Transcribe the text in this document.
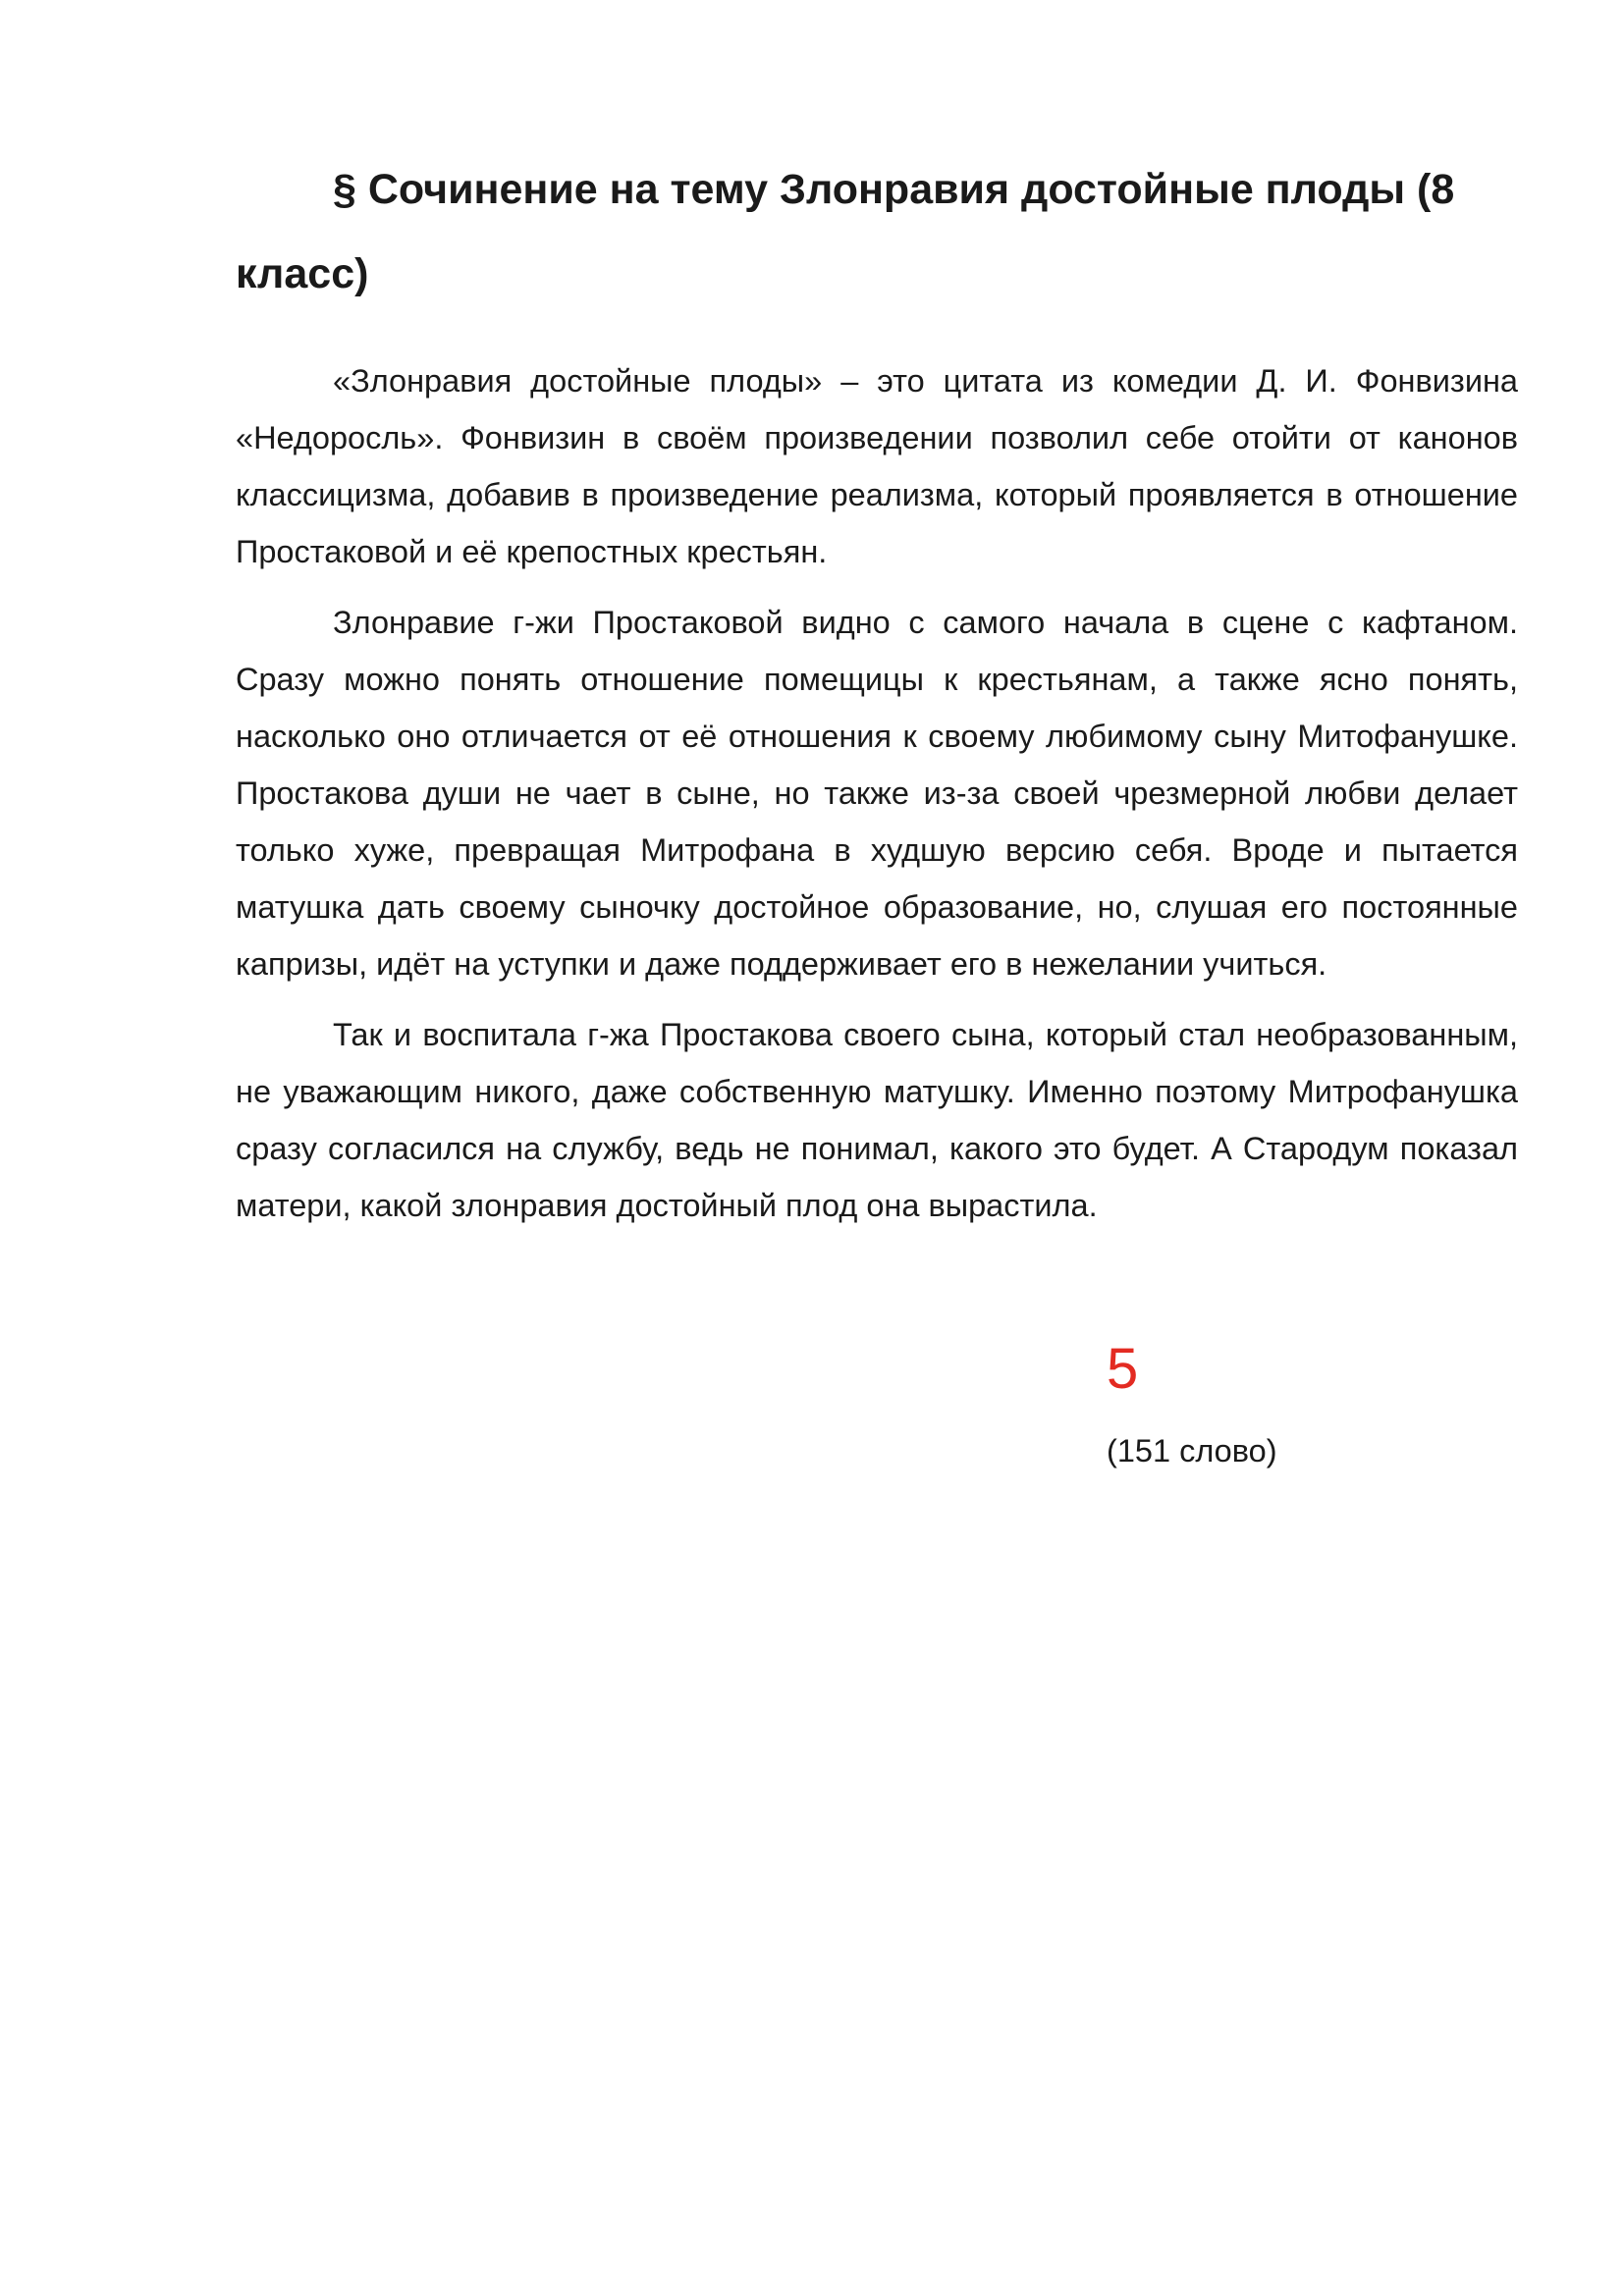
§ Сочинение на тему Злонравия достойные плоды (8 класс)

«Злонравия достойные плоды» – это цитата из комедии Д. И. Фонвизина «Недоросль». Фонвизин в своём произведении позволил себе отойти от канонов классицизма, добавив в произведение реализма, который проявляется в отношение Простаковой и её крепостных крестьян.

Злонравие г-жи Простаковой видно с самого начала в сцене с кафтаном. Сразу можно понять отношение помещицы к крестьянам, а также ясно понять, насколько оно отличается от её отношения к своему любимому сыну Митофанушке. Простакова души не чает в сыне, но также из-за своей чрезмерной любви делает только хуже, превращая Митрофана в худшую версию себя. Вроде и пытается матушка дать своему сыночку достойное образование, но, слушая его постоянные капризы, идёт на уступки и даже поддерживает его в нежелании учиться.

Так и воспитала г-жа Простакова своего сына, который стал необразованным, не уважающим никого, даже собственную матушку. Именно поэтому Митрофанушка сразу согласился на службу, ведь не понимал, какого это будет. А Стародум показал матери, какой злонравия достойный плод она вырастила.

5
(151 слово)
